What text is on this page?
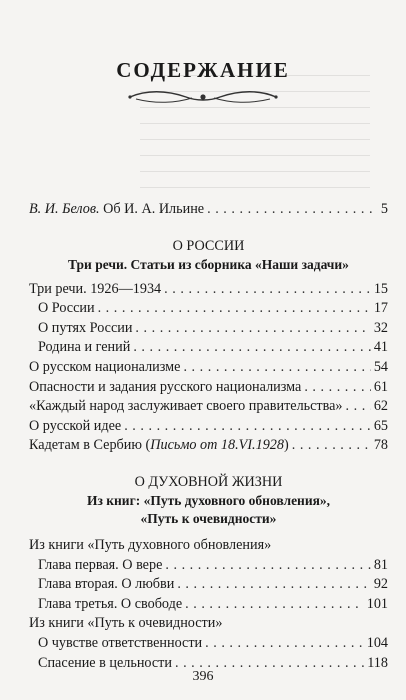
СОДЕРЖАНИЕ
В. И. Белов. Об И. А. Ильине . . .	5
О РОССИИ
Три речи. Статьи из сборника «Наши задачи»
Три речи. 1926—1934 . . .	15
О России . . .	17
О путях России . . .	32
Родина и гений . . .	41
О русском национализме . . .	54
Опасности и задания русского национализма . . .	61
«Каждый народ заслуживает своего правительства» . . . 62
О русской идее . . .	65
Кадетам в Сербию (Письмо от 18.VI.1928) . . .	78
О ДУХОВНОЙ ЖИЗНИ
Из книг: «Путь духовного обновления»,
«Путь к очевидности»
Из книги «Путь духовного обновления»
Глава первая. О вере . . .	81
Глава вторая. О любви . . .	92
Глава третья. О свободе . . .	101
Из книги «Путь к очевидности»
О чувстве ответственности . . .	104
Спасение в цельности . . .	118
396
